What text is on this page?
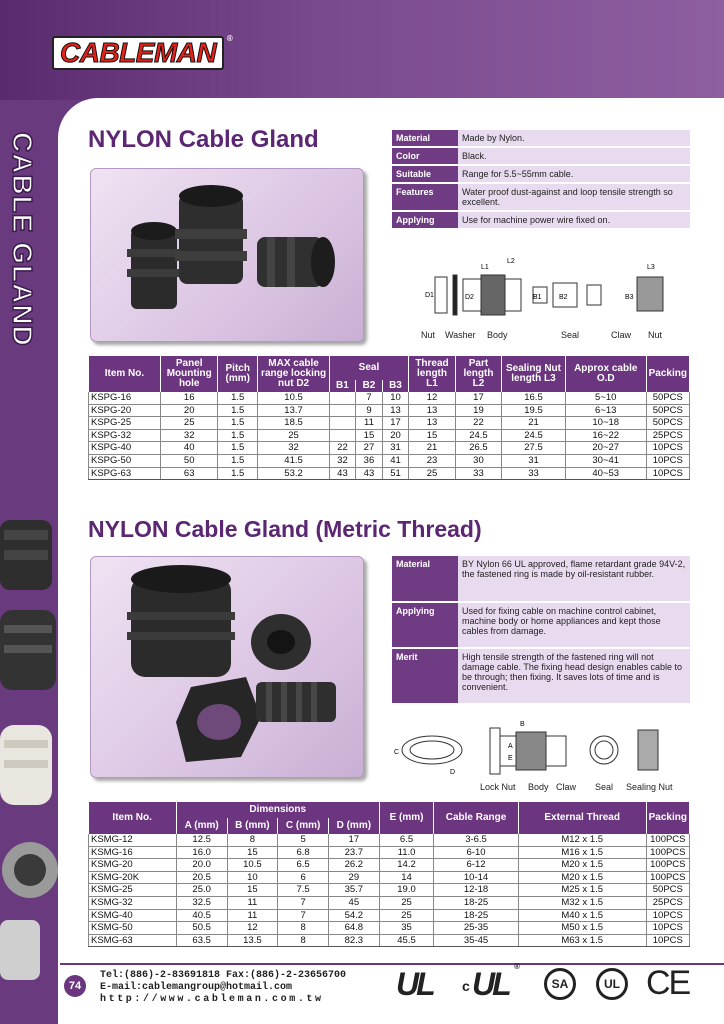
CABLEMAN ®
CABLE GLAND NYLON Cable Gland	Material	Made by Nylon.
Color	Black.
Suitable	Range for 5.5~55mm cable.
Features	Water proof dust-against and loop tensile strength so excellent.
Applying	Use for machine power wire fixed on.
D1	D2
L1
L2
B1 B2	B3
L3
Nut Washer Body	Seal	Claw Nut
Item No.	Panel Mounting hole	Pitch (mm)	MAX cable range locking nut D2	Seal			Thread length L1	Part length L2	Sealing Nut length L3	Approx cable O.D	Packing
				B1	B2	B3					
KSPG-16	16	1.5	10.5		7	10	12	17	16.5	5~10	50PCS
KSPG-20	20	1.5	13.7		9	13	13	19	19.5	6~13	50PCS
KSPG-25	25	1.5	18.5		11	17	13	22	21	10~18	50PCS
KSPG-32	32	1.5	25		15	20	15	24.5	24.5	16~22	25PCS
KSPG-40	40	1.5	32	22	27	31	21	26.5	27.5	20~27	10PCS
KSPG-50	50	1.5	41.5	32	36	41	23	30	31	30~41	10PCS
KSPG-63	63	1.5	53.2	43	43	51	25	33	33	40~53	10PCS
NYLON Cable Gland (Metric Thread)
Material	BY Nylon 66 UL approved, flame retardant grade 94V-2, the fastened ring is made by oil-resistant rubber.
Applying	Used for fixing cable on machine control cabinet, machine body or home appliances and kept those cables from damage.
Merit	High tensile strength of the fastened ring will not damage cable. The fixing head design enables cable to be through; then fixing. It saves lots of time and is convenient.
C
D
B
A
E
Lock Nut Body Claw Seal Sealing Nut
Item No.	Dimensions				E (mm)	Cable Range	External Thread	Packing
	A (mm)	B (mm)	C (mm)	D (mm)				
KSMG-12	12.5	8	5	17	6.5	3-6.5	M12 x 1.5	100PCS
KSMG-16	16.0	15	6.8	23.7	11.0	6-10	M16 x 1.5	100PCS
KSMG-20	20.0	10.5	6.5	26.2	14.2	6-12	M20 x 1.5	100PCS
KSMG-20K	20.5	10	6	29	14	10-14	M20 x 1.5	100PCS
KSMG-25	25.0	15	7.5	35.7	19.0	12-18	M25 x 1.5	50PCS
KSMG-32	32.5	11	7	45	25	18-25	M32 x 1.5	25PCS
KSMG-40	40.5	11	7	54.2	25	18-25	M40 x 1.5	10PCS
KSMG-50	50.5	12	8	64.8	35	25-35	M50 x 1.5	10PCS
KSMG-63	63.5	13.5	8	82.3	45.5	35-45	M63 x 1.5	10PCS
74
Tel:(886)-2-83691818 Fax:(886)-2-23656700
E-mail:cablemangroup@hotmail.com
http://www.cableman.com.tw	UL c UL ®
SA	UL CE
